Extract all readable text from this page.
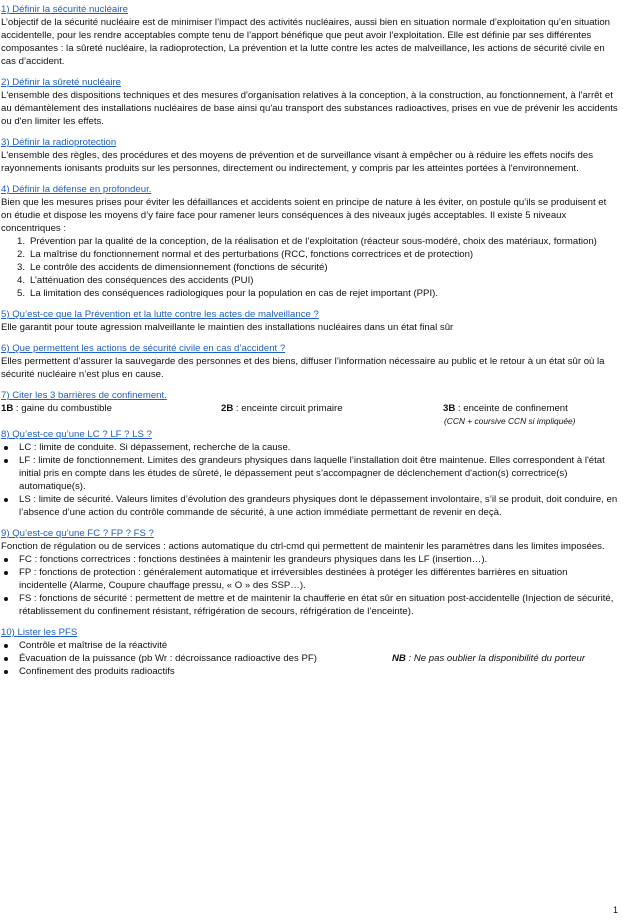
1) Définir la sécurité nucléaire

L’objectif de la sécurité nucléaire est de minimiser l’impact des activités nucléaires, aussi bien en situation normale d’exploitation qu’en situation accidentelle, pour les rendre acceptables compte tenu de l’apport bénéfique que peut avoir l’exploitation. Elle est définie par ses différentes composantes : la sûreté nucléaire, la radioprotection, La prévention et la lutte contre les actes de malveillance, les actions de sécurité civile en cas d’accident.

2) Définir la sûreté nucléaire

L'ensemble des dispositions techniques et des mesures d'organisation relatives à la conception, à la construction, au fonctionnement, à l'arrêt et au démantèlement des installations nucléaires de base ainsi qu'au transport des substances radioactives, prises en vue de prévenir les accidents ou d'en limiter les effets.

3) Définir la radioprotection

L'ensemble des règles, des procédures et des moyens de prévention et de surveillance visant à empêcher ou à réduire les effets nocifs des rayonnements ionisants produits sur les personnes, directement ou indirectement, y compris par les atteintes portées à l'environnement.

4) Définir la défense en profondeur.

Bien que les mesures prises pour éviter les défaillances et accidents soient en principe de nature à les éviter, on postule qu’ils se produisent et on étudie et dispose les moyens d’y faire face pour ramener leurs conséquences à des niveaux jugés acceptables. Il existe 5 niveaux concentriques :

1. Prévention par la qualité de la conception, de la réalisation et de l’exploitation (réacteur sous-modéré, choix des matériaux, formation)
2. La maîtrise du fonctionnement normal et des perturbations (RCC, fonctions correctrices et de protection)
3. Le contrôle des accidents de dimensionnement (fonctions de sécurité)
4. L’atténuation des conséquences des accidents (PUI)
5. La limitation des conséquences radiologiques pour la population en cas de rejet important (PPI).

5) Qu’est-ce que la Prévention et la lutte contre les actes de malveillance ?

Elle garantit pour toute agression malveillante le maintien des installations nucléaires dans un état final sûr

6) Que permettent les actions de sécurité civile en cas d’accident ?

Elles permettent d’assurer la sauvegarde des personnes et des biens, diffuser l’information nécessaire au public et le retour à un état sûr où la sécurité nucléaire n’est plus en cause.

7) Citer les 3 barrières de confinement.

1B : gaine du combustible	2B : enceinte circuit primaire	3B : enceinte de confinement
(CCN + coursive CCN si impliquée)

8) Qu’est-ce qu’une LC ? LF ? LS ?

LC : limite de conduite. Si dépassement, recherche de la cause.
LF : limite de fonctionnement. Limites des grandeurs physiques dans laquelle l’installation doit être maintenue. Elles correspondent à l'état initial pris en compte dans les études de sûreté, le dépassement peut s’accompagner de déclenchement d'action(s) correctrice(s) automatique(s).
LS : limite de sécurité. Valeurs limites d’évolution des grandeurs physiques dont le dépassement involontaire, s’il se produit, doit conduire, en l’absence d’une action du contrôle commande de sécurité, à une action immédiate permettant de revenir en deçà.

9) Qu’est-ce qu’une FC ? FP ? FS ?

Fonction de régulation ou de services : actions automatique du ctrl-cmd qui permettent de maintenir les paramètres dans les limites imposées.

FC : fonctions correctrices : fonctions destinées à maintenir les grandeurs physiques dans les LF (insertion…).
FP : fonctions de protection : généralement automatique et irréversibles destinées à protéger les différentes barrières en situation incidentelle (Alarme, Coupure chauffage pressu, « O » des SSP…).
FS : fonctions de sécurité : permettent de mettre et de maintenir la chaufferie en état sûr en situation post-accidentelle (Injection de sécurité, rétablissement du confinement résistant, réfrigération de secours, réfrigération de l’enceinte).

10) Lister les PFS

Contrôle et maîtrise de la réactivité
Évacuation de la puissance (pb Wr : décroissance radioactive des PF)	NB : Ne pas oublier la disponibilité du porteur
Confinement des produits radioactifs
1
